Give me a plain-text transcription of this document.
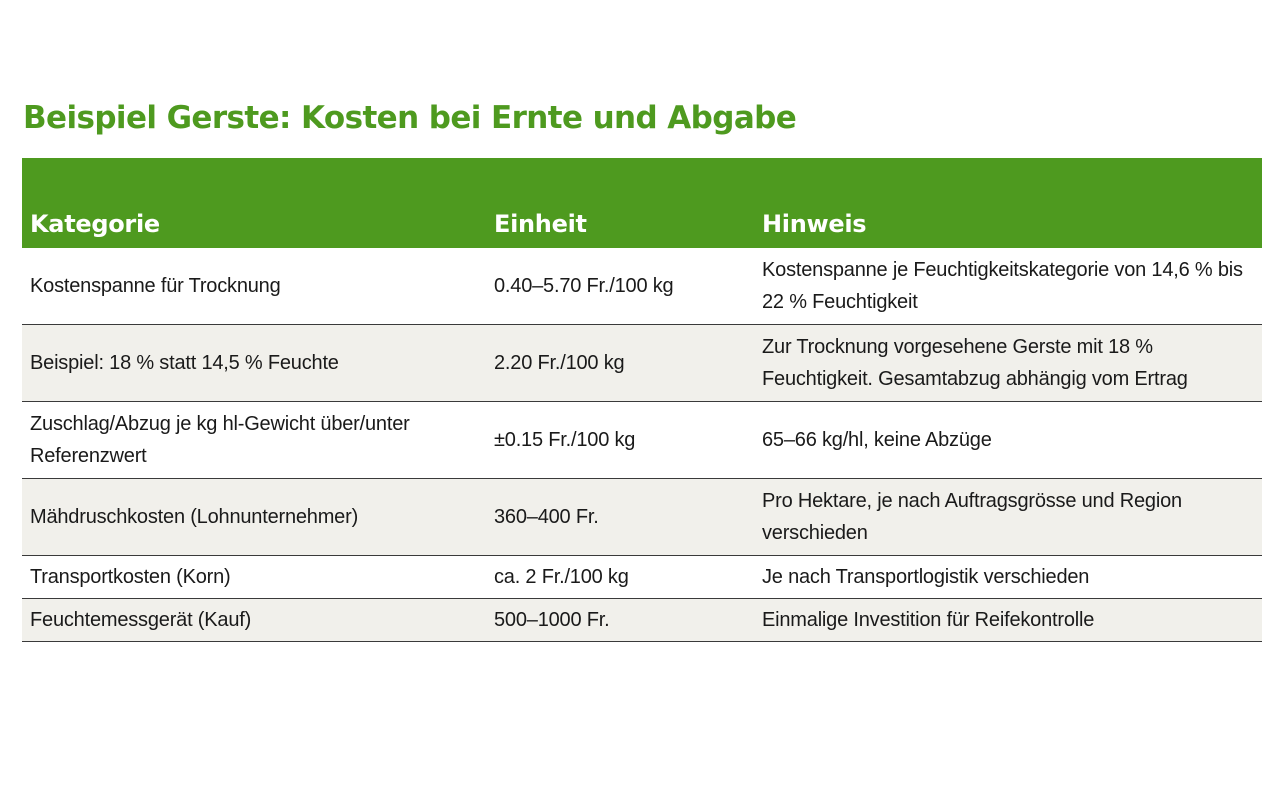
Beispiel Gerste: Kosten bei Ernte und Abgabe
Kategorie	Einheit	Hinweis
Kostenspanne für Trocknung	0.40–5.70 Fr./100 kg	Kostenspanne je Feuchtigkeitskategorie von 14,6 % bis 22 % Feuchtigkeit
Beispiel: 18 % statt 14,5 % Feuchte	2.20 Fr./100 kg	Zur Trocknung vorgesehene Gerste mit 18 % Feuchtigkeit. Gesamtabzug abhängig vom Ertrag
Zuschlag/Abzug je kg hl-Gewicht über/unter Referenzwert	±0.15 Fr./100 kg	65–66 kg/hl, keine Abzüge
Mähdruschkosten (Lohnunternehmer)	360–400 Fr.	Pro Hektare, je nach Auftragsgrösse und Region verschieden
Transportkosten (Korn)	ca. 2 Fr./100 kg	Je nach Transportlogistik verschieden
Feuchtemessgerät (Kauf)	500–1000 Fr.	Einmalige Investition für Reifekontrolle
